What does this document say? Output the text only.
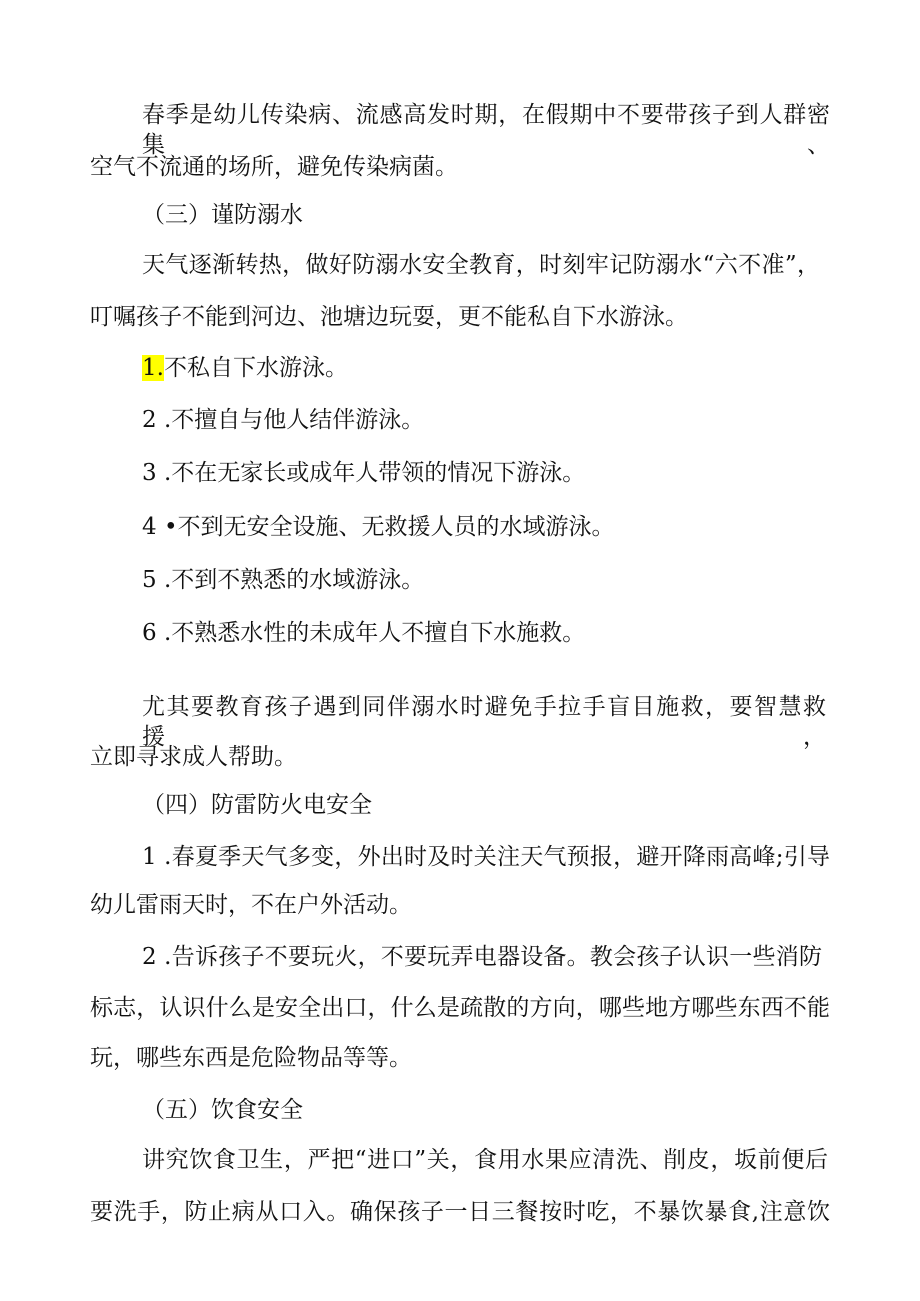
春季是幼儿传染病、流感高发时期，在假期中不要带孩子到人群密集、
空气不流通的场所，避免传染病菌。
（三）谨防溺水
天气逐渐转热，做好防溺水安全教育，时刻牢记防溺水“六不准”，
叮嘱孩子不能到河边、池塘边玩耍，更不能私自下水游泳。
1.不私自下水游泳。
2 .不擅自与他人结伴游泳。
3 .不在无家长或成年人带领的情况下游泳。
4 •不到无安全设施、无救援人员的水域游泳。
5 .不到不熟悉的水域游泳。
6 .不熟悉水性的未成年人不擅自下水施救。
尤其要教育孩子遇到同伴溺水时避免手拉手盲目施救，要智慧救援，
立即寻求成人帮助。
（四）防雷防火电安全
1 .春夏季天气多变，外出时及时关注天气预报，避开降雨高峰;引导
幼儿雷雨天时，不在户外活动。
2 .告诉孩子不要玩火，不要玩弄电器设备。教会孩子认识一些消防
标志，认识什么是安全出口，什么是疏散的方向，哪些地方哪些东西不能
玩，哪些东西是危险物品等等。
（五）饮食安全
讲究饮食卫生，严把“进口”关，食用水果应清洗、削皮，坂前便后
要洗手，防止病从口入。确保孩子一日三餐按时吃，不暴饮暴食,注意饮
